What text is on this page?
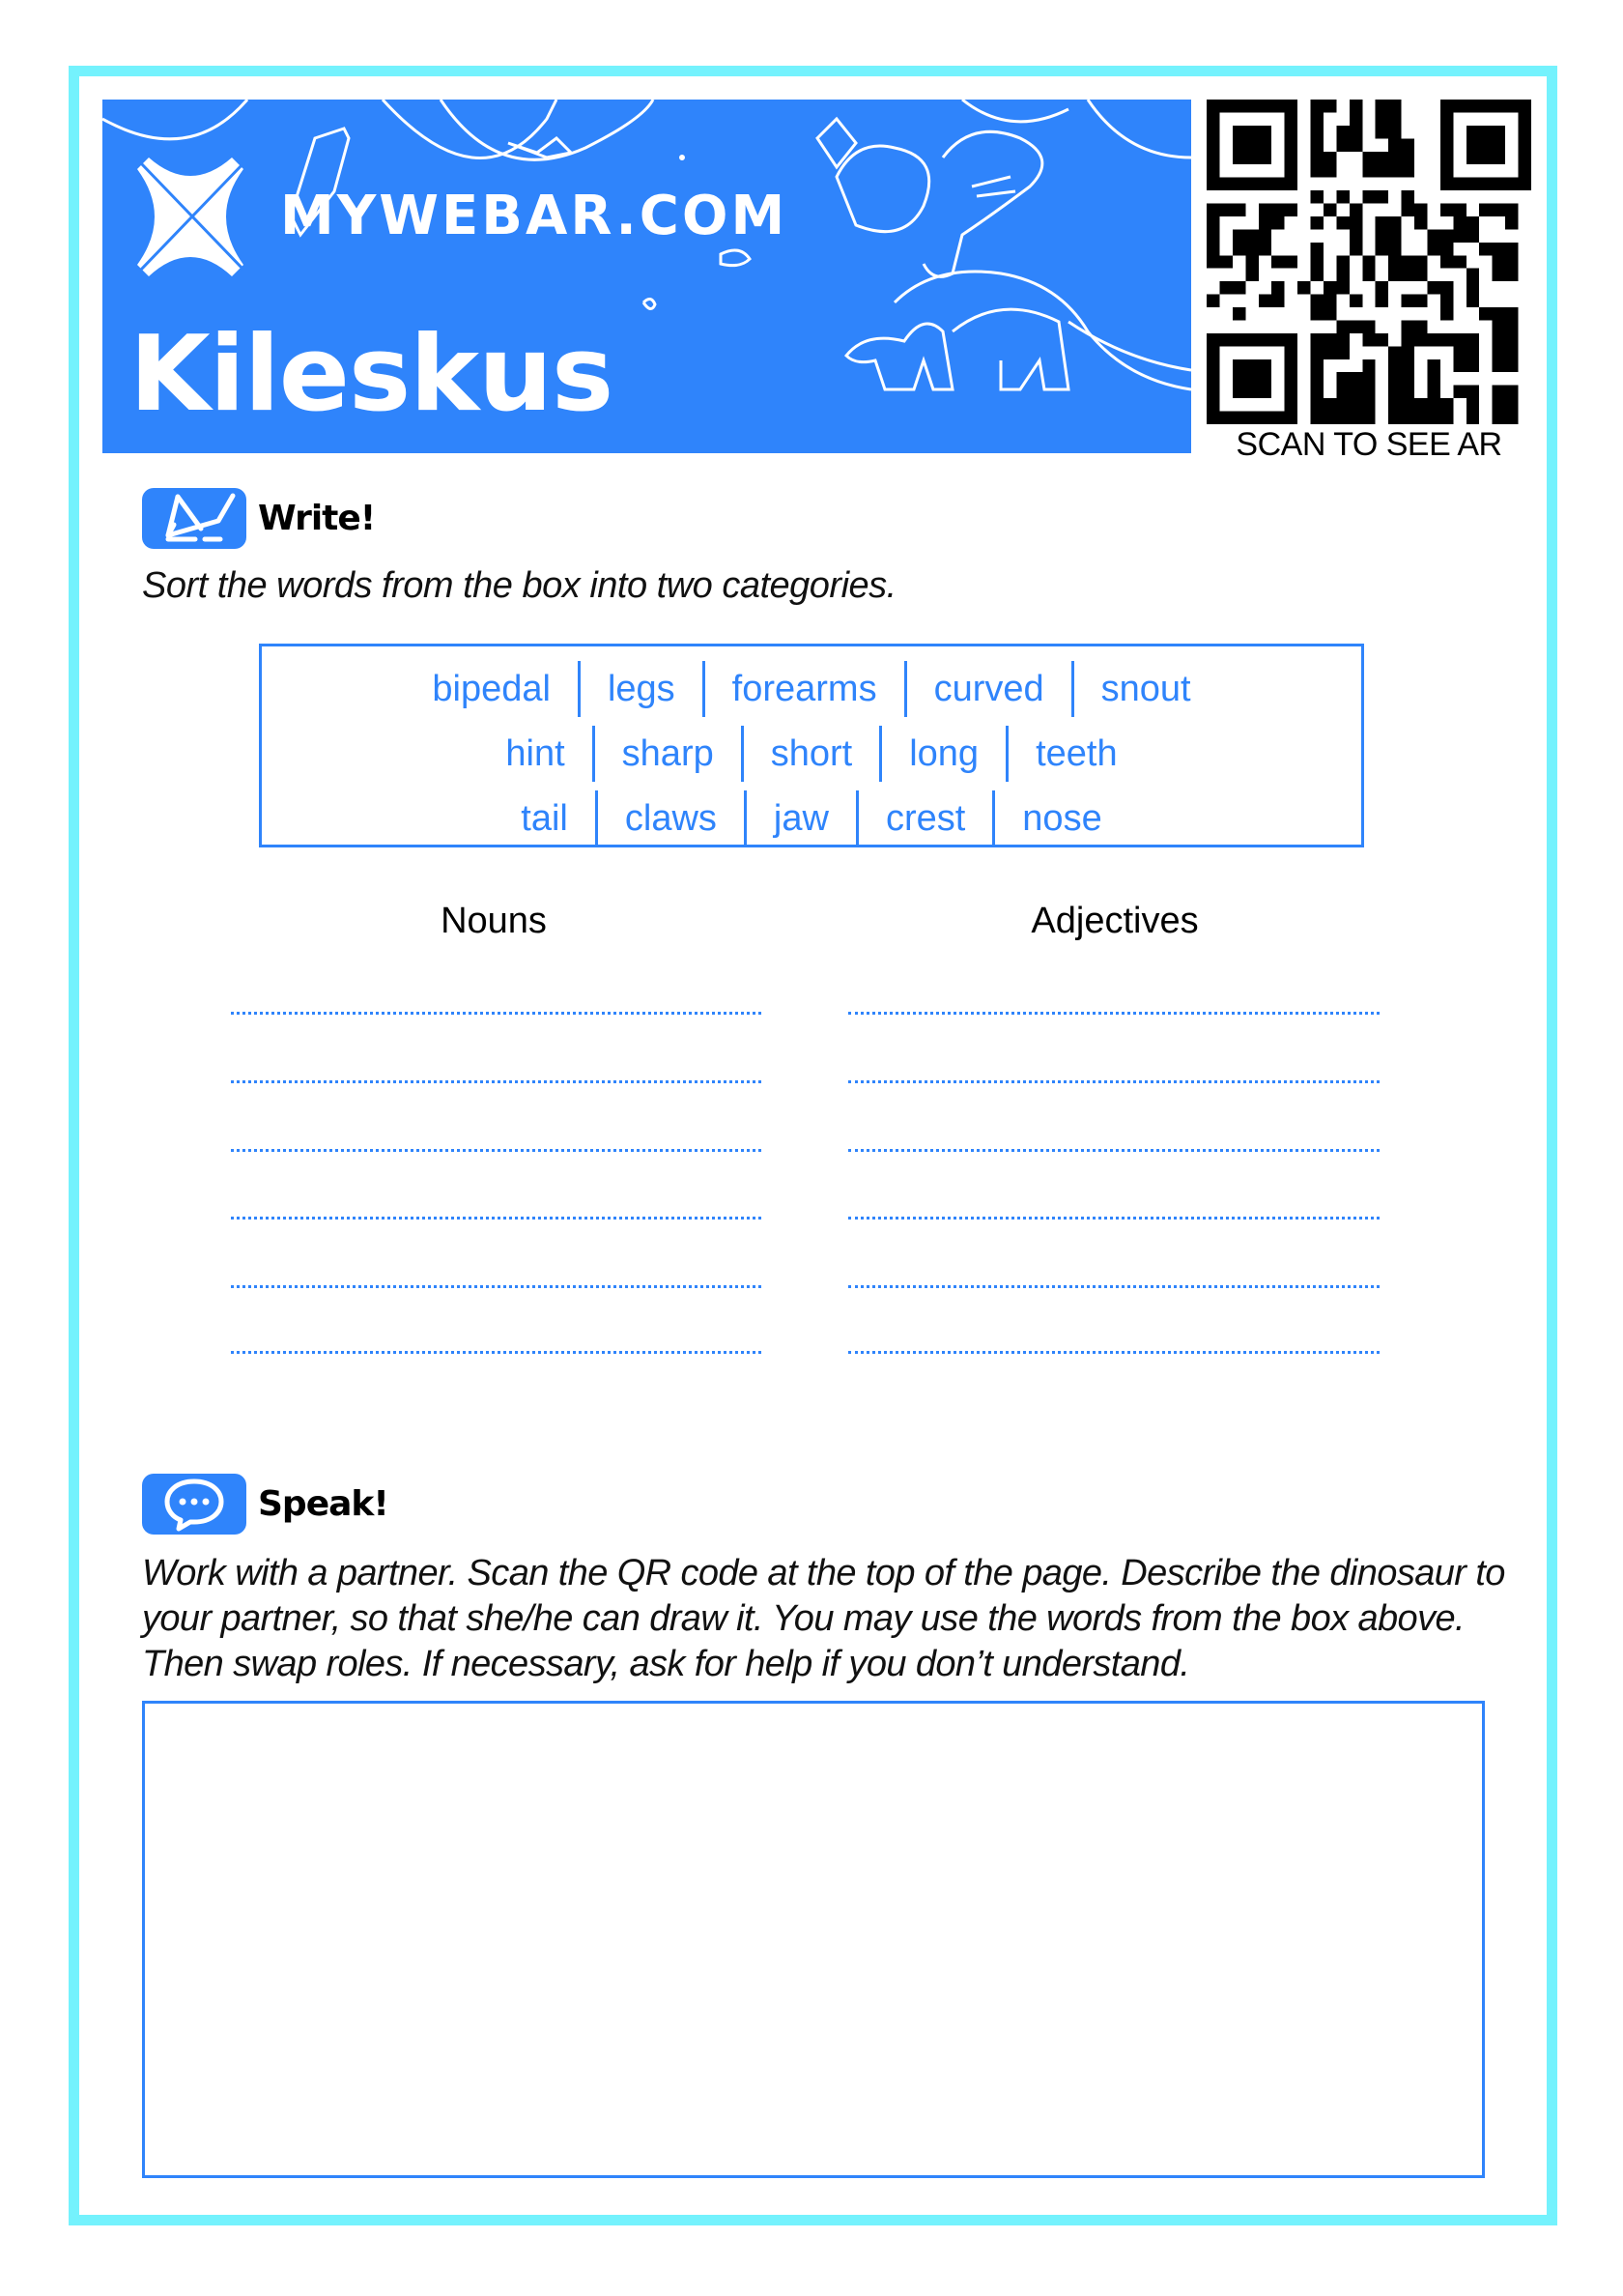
MYWEBAR.COM
Kileskus
SCAN TO SEE AR
Write!
Sort the words from the box into two categories.
bipedal	legs	forearms	curved	snout
hint	sharp	short	long	teeth
tail	claws	jaw	crest	nose
Nouns	Adjectives
Speak!
Work with a partner. Scan the QR code at the top of the page. Describe the dinosaur to your partner, so that she/he can draw it. You may use the words from the box above. Then swap roles. If necessary, ask for help if you don’t understand.
